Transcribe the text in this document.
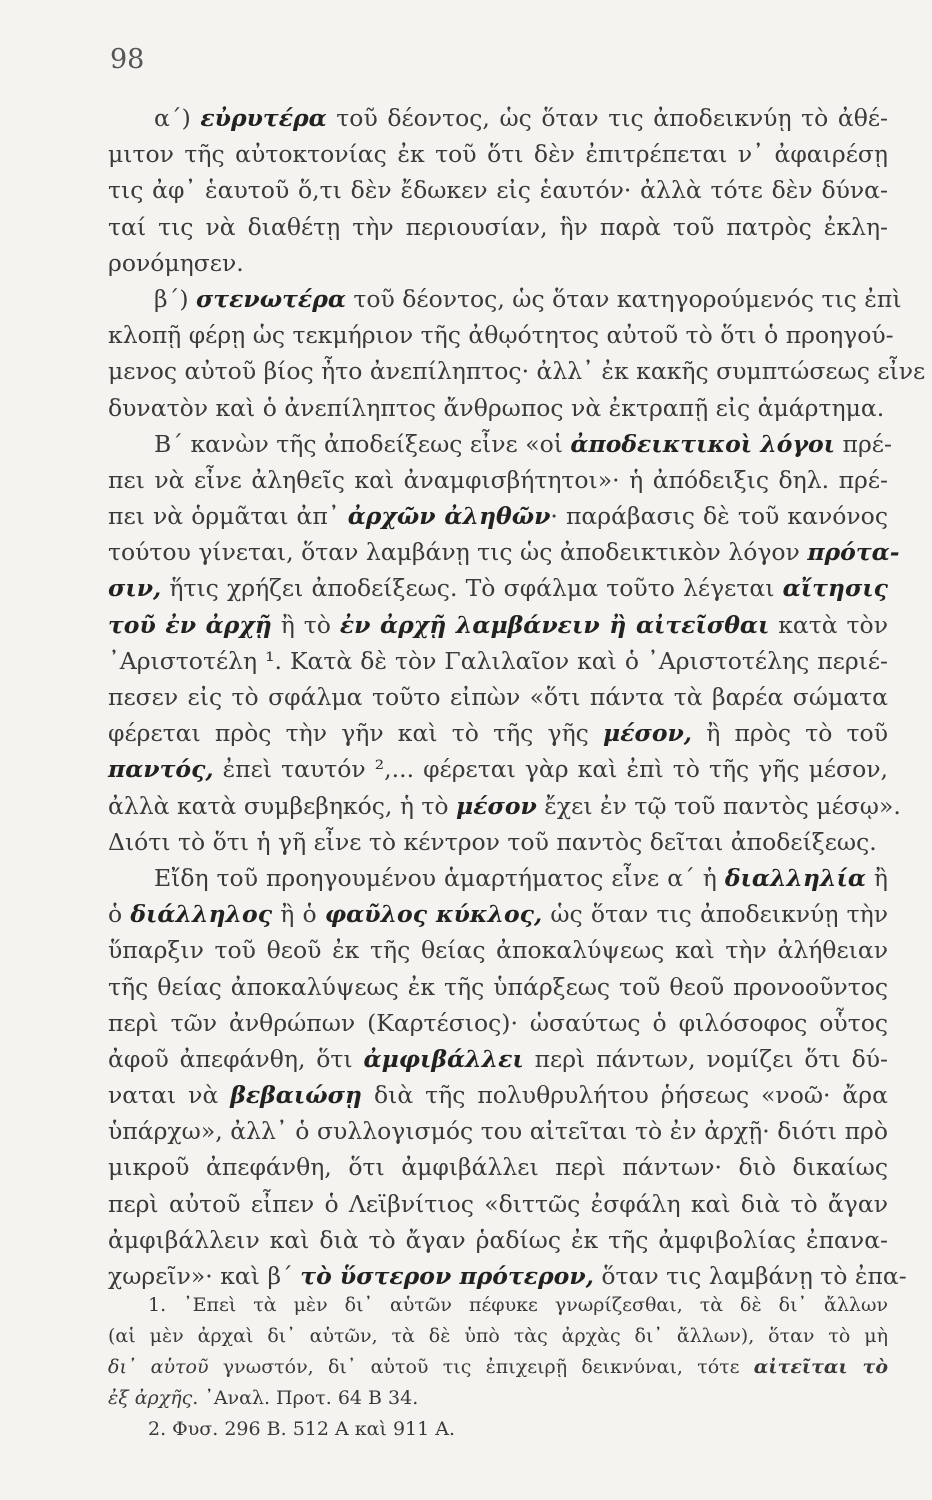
98
α΄) εὐρυτέρα τοῦ δέοντος, ὡς ὅταν τις ἀποδεικνύῃ τὸ ἀθέ-
μιτον τῆς αὐτοκτονίας ἐκ τοῦ ὅτι δὲν ἐπιτρέπεται ν᾽ ἀφαιρέσῃ
τις ἀφ᾽ ἑαυτοῦ ὅ,τι δὲν ἔδωκεν εἰς ἑαυτόν· ἀλλὰ τότε δὲν δύνα-
ταί τις νὰ διαθέτῃ τὴν περιουσίαν, ἣν παρὰ τοῦ πατρὸς ἐκλη-
ρονόμησεν.
β΄) στενωτέρα τοῦ δέοντος, ὡς ὅταν κατηγορούμενός τις ἐπὶ
κλοπῇ φέρῃ ὡς τεκμήριον τῆς ἀθῳότητος αὐτοῦ τὸ ὅτι ὁ προηγού-
μενος αὐτοῦ βίος ἦτο ἀνεπίληπτος· ἀλλ᾽ ἐκ κακῆς συμπτώσεως εἶνε
δυνατὸν καὶ ὁ ἀνεπίληπτος ἄνθρωπος νὰ ἐκτραπῇ εἰς ἁμάρτημα.
Β΄ κανὼν τῆς ἀποδείξεως εἶνε «οἱ ἀποδεικτικοὶ λόγοι πρέ-
πει νὰ εἶνε ἀληθεῖς καὶ ἀναμφισβήτητοι»· ἡ ἀπόδειξις δηλ. πρέ-
πει νὰ ὁρμᾶται ἀπ᾽ ἀρχῶν ἀληθῶν· παράβασις δὲ τοῦ κανόνος
τούτου γίνεται, ὅταν λαμβάνῃ τις ὡς ἀποδεικτικὸν λόγον πρότα-
σιν, ἥτις χρήζει ἀποδείξεως. Τὸ σφάλμα τοῦτο λέγεται αἴτησις
τοῦ ἐν ἀρχῇ ἢ τὸ ἐν ἀρχῇ λαμβάνειν ἢ αἰτεῖσθαι κατὰ τὸν
᾽Αριστοτέλη ¹. Κατὰ δὲ τὸν Γαλιλαῖον καὶ ὁ ᾽Αριστοτέλης περιέ-
πεσεν εἰς τὸ σφάλμα τοῦτο εἰπὼν «ὅτι πάντα τὰ βαρέα σώματα
φέρεται πρὸς τὴν γῆν καὶ τὸ τῆς γῆς μέσον, ἢ πρὸς τὸ τοῦ
παντός, ἐπεὶ ταυτόν ²,... φέρεται γὰρ καὶ ἐπὶ τὸ τῆς γῆς μέσον,
ἀλλὰ κατὰ συμβεβηκός, ἡ τὸ μέσον ἔχει ἐν τῷ τοῦ παντὸς μέσῳ».
Διότι τὸ ὅτι ἡ γῆ εἶνε τὸ κέντρον τοῦ παντὸς δεῖται ἀποδείξεως.
Εἴδη τοῦ προηγουμένου ἁμαρτήματος εἶνε α΄ ἡ διαλληλία ἢ
ὁ διάλληλος ἢ ὁ φαῦλος κύκλος, ὡς ὅταν τις ἀποδεικνύῃ τὴν
ὕπαρξιν τοῦ θεοῦ ἐκ τῆς θείας ἀποκαλύψεως καὶ τὴν ἀλήθειαν
τῆς θείας ἀποκαλύψεως ἐκ τῆς ὑπάρξεως τοῦ θεοῦ προνοοῦντος
περὶ τῶν ἀνθρώπων (Καρτέσιος)· ὡσαύτως ὁ φιλόσοφος οὗτος
ἀφοῦ ἀπεφάνθη, ὅτι ἀμφιβάλλει περὶ πάντων, νομίζει ὅτι δύ-
ναται νὰ βεβαιώσῃ διὰ τῆς πολυθρυλήτου ῥήσεως «νοῶ· ἄρα
ὑπάρχω», ἀλλ᾽ ὁ συλλογισμός του αἰτεῖται τὸ ἐν ἀρχῇ· διότι πρὸ
μικροῦ ἀπεφάνθη, ὅτι ἀμφιβάλλει περὶ πάντων· διὸ δικαίως
περὶ αὐτοῦ εἶπεν ὁ Λεϊβνίτιος «διττῶς ἐσφάλη καὶ διὰ τὸ ἄγαν
ἀμφιβάλλειν καὶ διὰ τὸ ἄγαν ῥαδίως ἐκ τῆς ἀμφιβολίας ἐπανα-
χωρεῖν»· καὶ β΄ τὸ ὕστερον πρότερον, ὅταν τις λαμβάνῃ τὸ ἐπα-
1. ᾽Επεὶ τὰ μὲν δι᾽ αὑτῶν πέφυκε γνωρίζεσθαι, τὰ δὲ δι᾽ ἄλλων
(αἱ μὲν ἀρχαὶ δι᾽ αὑτῶν, τὰ δὲ ὑπὸ τὰς ἀρχὰς δι᾽ ἄλλων), ὅταν τὸ μὴ
δι᾽ αὑτοῦ γνωστόν, δι᾽ αὑτοῦ τις ἐπιχειρῇ δεικνύναι, τότε αἰτεῖται τὸ
ἐξ ἀρχῆς. ᾽Αναλ. Προτ. 64 Β 34.
2. Φυσ. 296 Β. 512 Α καὶ 911 Α.
